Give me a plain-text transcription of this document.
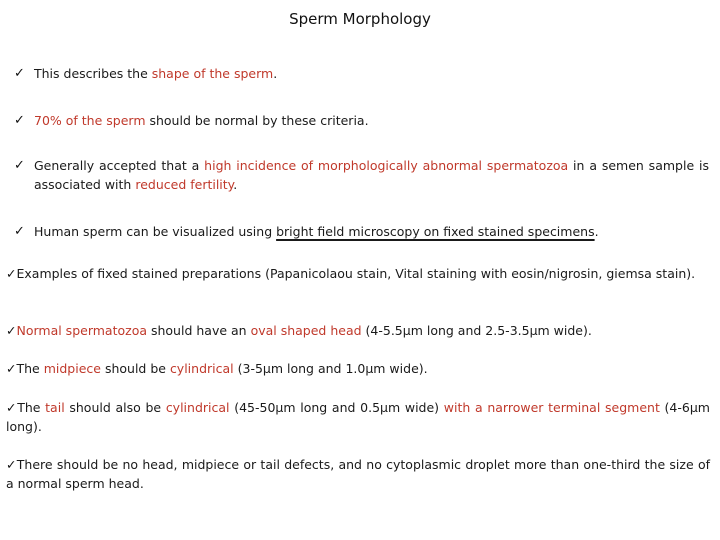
Sperm Morphology
✓ This describes the shape of the sperm.
✓ 70% of the sperm should be normal by these criteria.
✓ Generally accepted that a high incidence of morphologically abnormal spermatozoa in a semen sample is associated with reduced fertility.
✓ Human sperm can be visualized using bright field microscopy on fixed stained specimens.
✓Examples of fixed stained preparations (Papanicolaou stain, Vital staining with eosin/nigrosin, giemsa stain).
✓Normal spermatozoa should have an oval shaped head (4-5.5µm long and 2.5-3.5µm wide).
✓The midpiece should be cylindrical (3-5µm long and 1.0µm wide).
✓The tail should also be cylindrical (45-50µm long and 0.5µm wide) with a narrower terminal segment (4-6µm long).
✓There should be no head, midpiece or tail defects, and no cytoplasmic droplet more than one-third the size of a normal sperm head.
